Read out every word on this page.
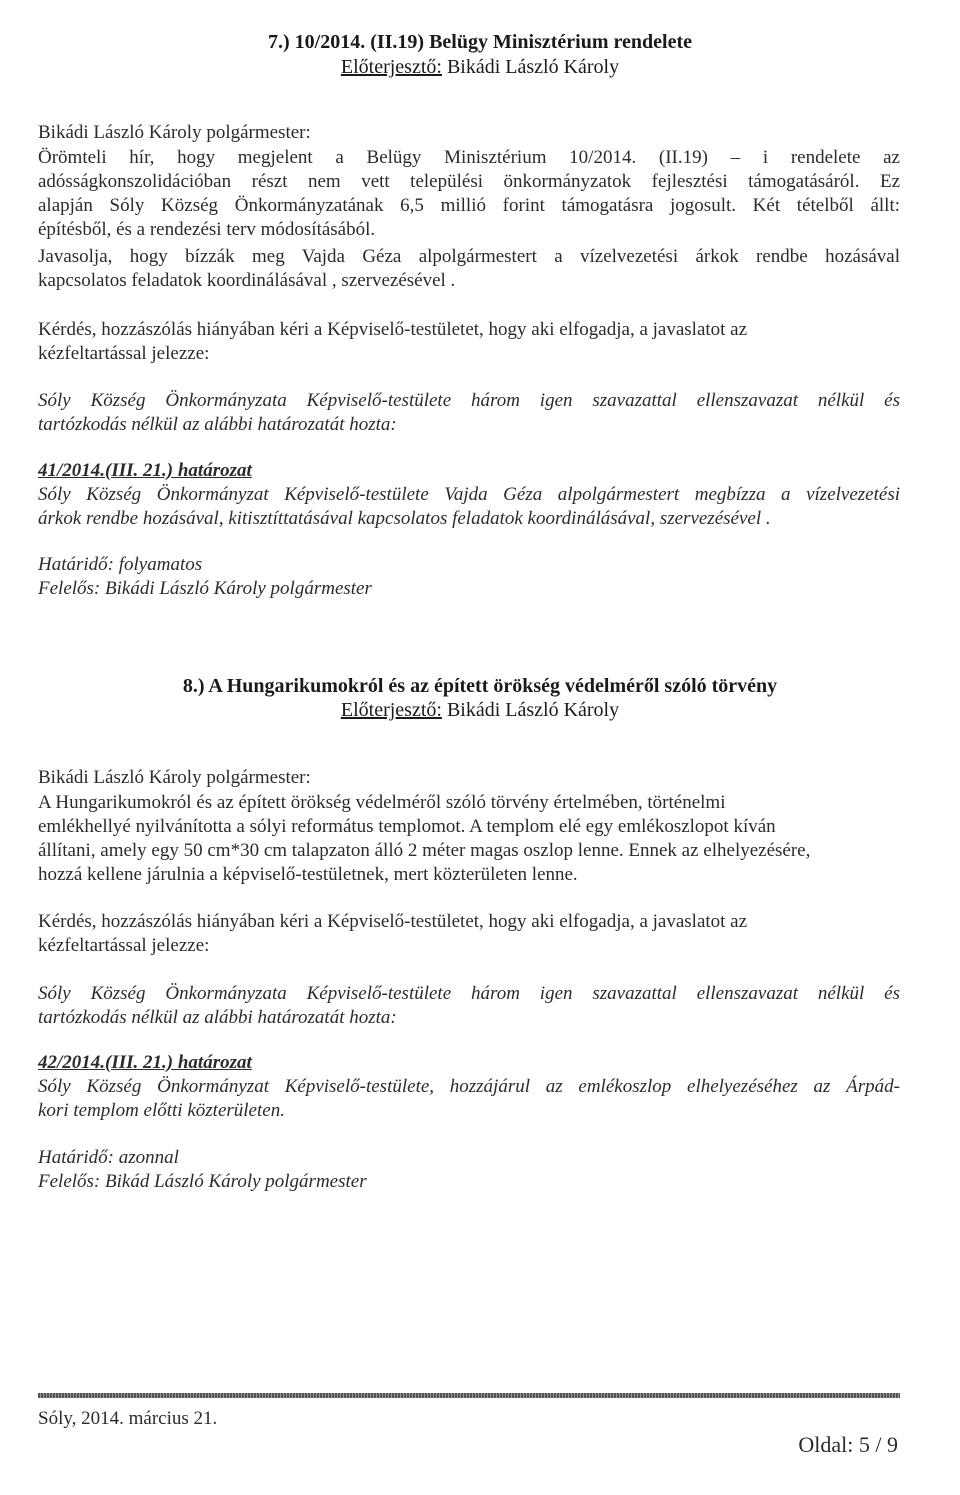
7.) 10/2014. (II.19) Belügy Minisztérium rendelete
Előterjesztő: Bikádi László Károly
Bikádi László Károly polgármester:
Örömteli hír, hogy megjelent a Belügy Minisztérium 10/2014. (II.19) – i rendelete az
adósságkonszolidációban részt nem vett települési önkormányzatok fejlesztési támogatásáról. Ez
alapján Sóly Község Önkormányzatának 6,5 millió forint támogatásra jogosult. Két tételből állt:
építésből, és a rendezési terv módosításából.
Javasolja, hogy bízzák meg Vajda Géza alpolgármestert a vízelvezetési árkok rendbe hozásával
kapcsolatos feladatok koordinálásával , szervezésével .
Kérdés, hozzászólás hiányában kéri a Képviselő-testületet, hogy aki elfogadja, a javaslatot az
kézfeltartással jelezze:
Sóly Község Önkormányzata Képviselő-testülete három igen szavazattal ellenszavazat nélkül és
tartózkodás nélkül az alábbi határozatát hozta:
41/2014.(III. 21.) határozat
Sóly Község Önkormányzat Képviselő-testülete Vajda Géza alpolgármestert megbízza a vízelvezetési
árkok rendbe hozásával, kitisztíttatásával kapcsolatos feladatok koordinálásával, szervezésével .
Határidő: folyamatos
Felelős: Bikádi László Károly polgármester
8.) A Hungarikumokról és az épített örökség védelméről szóló törvény
Előterjesztő: Bikádi László Károly
Bikádi László Károly polgármester:
A Hungarikumokról és az épített örökség védelméről szóló törvény értelmében, történelmi
emlékhellyé nyilvánította a sólyi református templomot. A templom elé egy emlékoszlopot kíván
állítani, amely egy 50 cm*30 cm talapzaton álló 2 méter magas oszlop lenne. Ennek az elhelyezésére,
hozzá kellene járulnia a képviselő-testületnek, mert közterületen lenne.
Kérdés, hozzászólás hiányában kéri a Képviselő-testületet, hogy aki elfogadja, a javaslatot az
kézfeltartással jelezze:
Sóly Község Önkormányzata Képviselő-testülete három igen szavazattal ellenszavazat nélkül és
tartózkodás nélkül az alábbi határozatát hozta:
42/2014.(III. 21.) határozat
Sóly Község Önkormányzat Képviselő-testülete, hozzájárul az emlékoszlop elhelyezéséhez az Árpád-
kori templom előtti közterületen.
Határidő: azonnal
Felelős: Bikád László Károly polgármester
Sóly, 2014. március 21.
Oldal: 5 / 9
